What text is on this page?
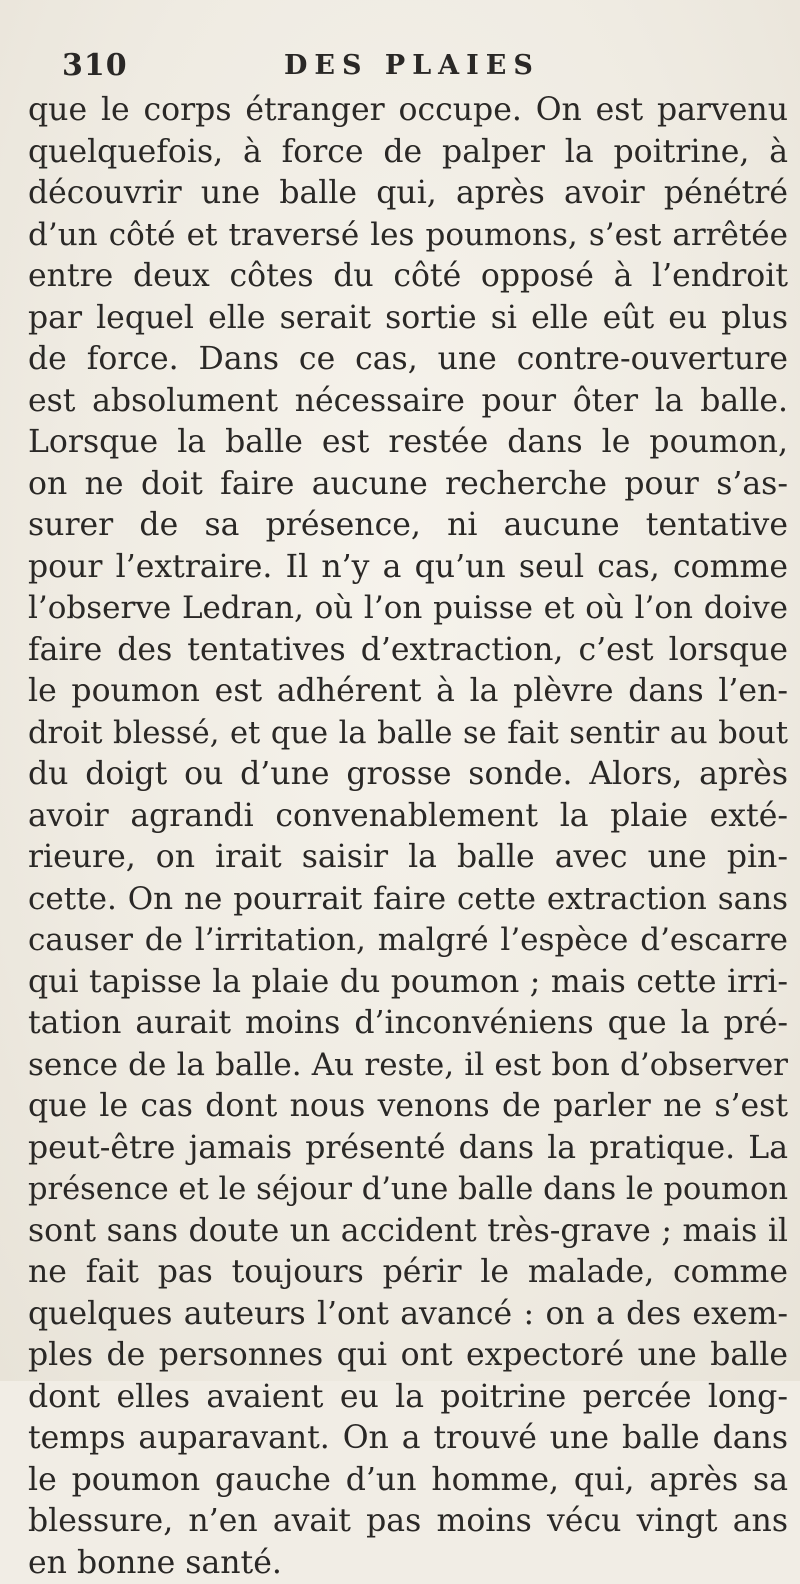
310	DES PLAIES
que le corps étranger occupe. On est parvenu
quelquefois, à force de palper la poitrine, à
découvrir une balle qui, après avoir pénétré
d’un côté et traversé les poumons, s’est arrêtée
entre deux côtes du côté opposé à l’endroit
par lequel elle serait sortie si elle eût eu plus
de force. Dans ce cas, une contre-ouverture
est absolument nécessaire pour ôter la balle.
Lorsque la balle est restée dans le poumon,
on ne doit faire aucune recherche pour s’as-
surer de sa présence, ni aucune tentative
pour l’extraire. Il n’y a qu’un seul cas, comme
l’observe Ledran, où l’on puisse et où l’on doive
faire des tentatives d’extraction, c’est lorsque
le poumon est adhérent à la plèvre dans l’en-
droit blessé, et que la balle se fait sentir au bout
du doigt ou d’une grosse sonde. Alors, après
avoir agrandi convenablement la plaie exté-
rieure, on irait saisir la balle avec une pin-
cette. On ne pourrait faire cette extraction sans
causer de l’irritation, malgré l’espèce d’escarre
qui tapisse la plaie du poumon ; mais cette irri-
tation aurait moins d’inconvéniens que la pré-
sence de la balle. Au reste, il est bon d’observer
que le cas dont nous venons de parler ne s’est
peut-être jamais présenté dans la pratique. La
présence et le séjour d’une balle dans le poumon
sont sans doute un accident très-grave ; mais il
ne fait pas toujours périr le malade, comme
quelques auteurs l’ont avancé : on a des exem-
ples de personnes qui ont expectoré une balle
dont elles avaient eu la poitrine percée long-
temps auparavant. On a trouvé une balle dans
le poumon gauche d’un homme, qui, après sa
blessure, n’en avait pas moins vécu vingt ans
en bonne santé.
